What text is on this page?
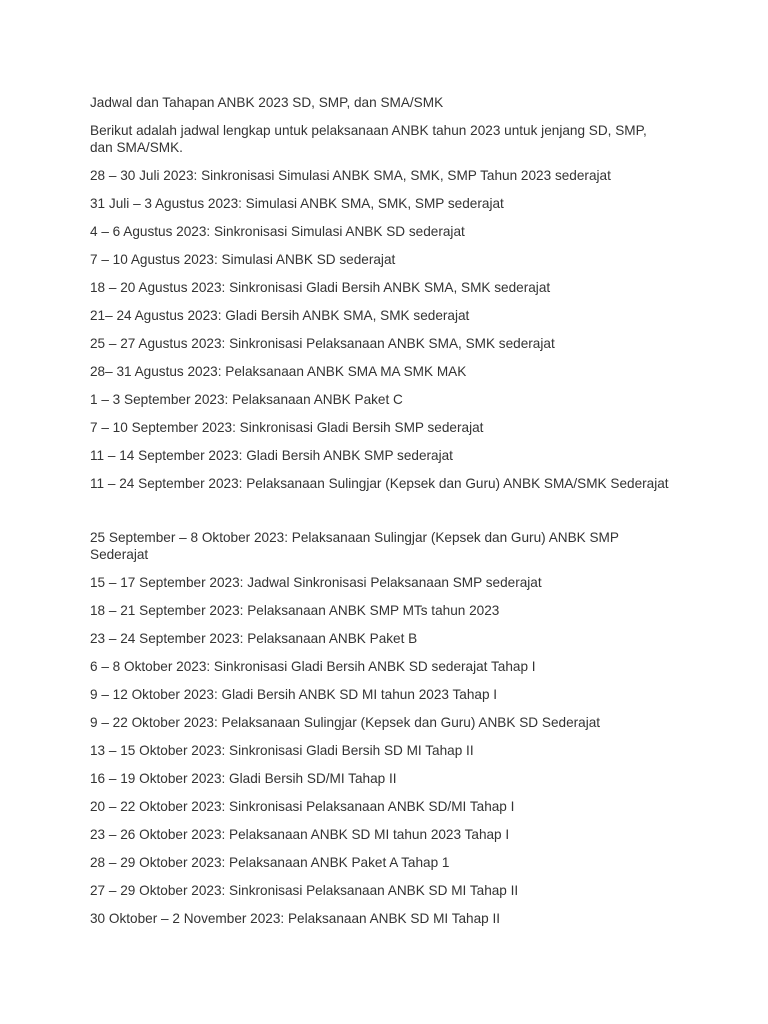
Jadwal dan Tahapan ANBK 2023 SD, SMP, dan SMA/SMK

Berikut adalah jadwal lengkap untuk pelaksanaan ANBK tahun 2023 untuk jenjang SD, SMP, dan SMA/SMK.

28 – 30 Juli 2023: Sinkronisasi Simulasi ANBK SMA, SMK, SMP Tahun 2023 sederajat

31 Juli – 3 Agustus 2023: Simulasi ANBK SMA, SMK, SMP sederajat

4 – 6 Agustus 2023: Sinkronisasi Simulasi ANBK SD sederajat

7 – 10 Agustus 2023: Simulasi ANBK SD sederajat

18 – 20 Agustus 2023: Sinkronisasi Gladi Bersih ANBK SMA, SMK sederajat

21– 24 Agustus 2023: Gladi Bersih ANBK SMA, SMK sederajat

25 – 27 Agustus 2023: Sinkronisasi Pelaksanaan ANBK SMA, SMK sederajat

28– 31 Agustus 2023: Pelaksanaan ANBK SMA MA SMK MAK

1 – 3 September 2023: Pelaksanaan ANBK Paket C

7 – 10 September 2023: Sinkronisasi Gladi Bersih SMP sederajat

11 – 14 September 2023: Gladi Bersih ANBK SMP sederajat

11 – 24 September 2023: Pelaksanaan Sulingjar (Kepsek dan Guru) ANBK SMA/SMK Sederajat

25 September – 8 Oktober 2023: Pelaksanaan Sulingjar (Kepsek dan Guru) ANBK SMP Sederajat

15 – 17 September 2023: Jadwal Sinkronisasi Pelaksanaan SMP sederajat

18 – 21 September 2023: Pelaksanaan ANBK SMP MTs tahun 2023

23 – 24 September 2023: Pelaksanaan ANBK Paket B

6 – 8 Oktober 2023: Sinkronisasi Gladi Bersih ANBK SD sederajat Tahap I

9 – 12 Oktober 2023: Gladi Bersih ANBK SD MI tahun 2023 Tahap I

9 – 22 Oktober 2023: Pelaksanaan Sulingjar (Kepsek dan Guru) ANBK SD Sederajat

13 – 15 Oktober 2023: Sinkronisasi Gladi Bersih SD MI Tahap II

16 – 19 Oktober 2023: Gladi Bersih SD/MI Tahap II

20 – 22 Oktober 2023: Sinkronisasi Pelaksanaan ANBK SD/MI Tahap I

23 – 26 Oktober 2023: Pelaksanaan ANBK SD MI tahun 2023 Tahap I

28 – 29 Oktober 2023: Pelaksanaan ANBK Paket A Tahap 1

27 – 29 Oktober 2023: Sinkronisasi Pelaksanaan ANBK SD MI Tahap II

30 Oktober – 2 November 2023: Pelaksanaan ANBK SD MI Tahap II
